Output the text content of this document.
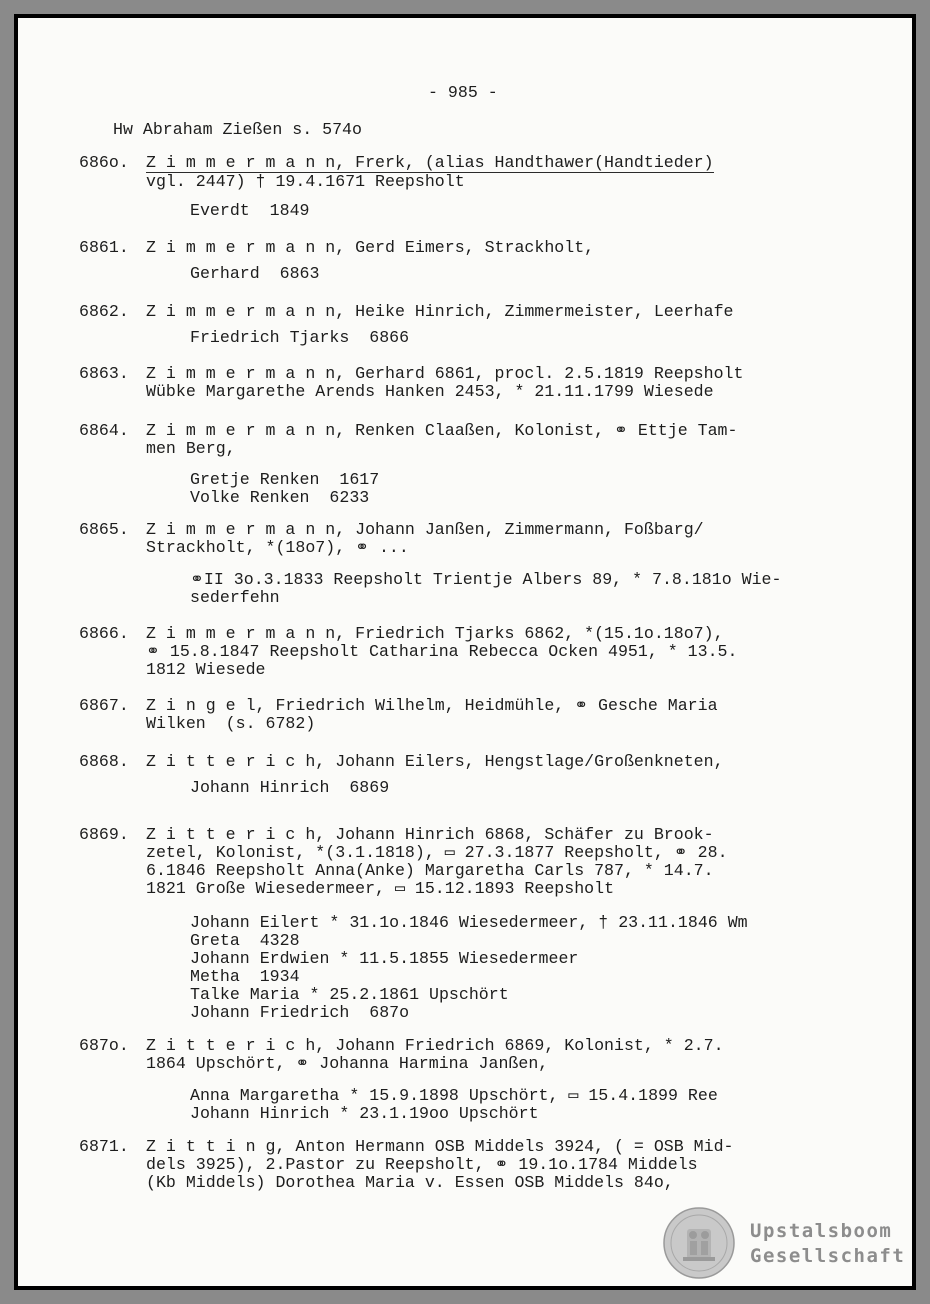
- 985 -
Hw Abraham Zießen s. 574o
686o.	Z i m m e r m a n n, Frerk, (alias Handthawer(Handtieder)
vgl. 2447) † 19.4.1671 Reepsholt
Everdt  1849
6861.	Z i m m e r m a n n, Gerd Eimers, Strackholt,
Gerhard  6863
6862.	Z i m m e r m a n n, Heike Hinrich, Zimmermeister, Leerhafe
Friedrich Tjarks  6866
6863.	Z i m m e r m a n n, Gerhard 6861, procl. 2.5.1819 Reepsholt
Wübke Margarethe Arends Hanken 2453, * 21.11.1799 Wiesede
6864.	Z i m m e r m a n n, Renken Claaßen, Kolonist, ⚭ Ettje Tam-
men Berg,
Gretje Renken  1617
Volke Renken  6233
6865.	Z i m m e r m a n n, Johann Janßen, Zimmermann, Foßbarg/
Strackholt, *(18o7), ⚭ ...
⚭II 3o.3.1833 Reepsholt Trientje Albers 89, * 7.8.181o Wie-
sederfehn
6866.	Z i m m e r m a n n, Friedrich Tjarks 6862, *(15.1o.18o7),
⚭ 15.8.1847 Reepsholt Catharina Rebecca Ocken 4951, * 13.5.
1812 Wiesede
6867.	Z i n g e l, Friedrich Wilhelm, Heidmühle, ⚭ Gesche Maria
Wilken  (s. 6782)
6868.	Z i t t e r i c h, Johann Eilers, Hengstlage/Großenkneten,
Johann Hinrich  6869
6869.	Z i t t e r i c h, Johann Hinrich 6868, Schäfer zu Brook-
zetel, Kolonist, *(3.1.1818), ▭ 27.3.1877 Reepsholt, ⚭ 28.
6.1846 Reepsholt Anna(Anke) Margaretha Carls 787, * 14.7.
1821 Große Wiesedermeer, ▭ 15.12.1893 Reepsholt
Johann Eilert * 31.1o.1846 Wiesedermeer, † 23.11.1846 Wm
Greta  4328
Johann Erdwien * 11.5.1855 Wiesedermeer
Metha  1934
Talke Maria * 25.2.1861 Upschört
Johann Friedrich  687o
687o.	Z i t t e r i c h, Johann Friedrich 6869, Kolonist, * 2.7.
1864 Upschört, ⚭ Johanna Harmina Janßen,
Anna Margaretha * 15.9.1898 Upschört, ▭ 15.4.1899 Ree
Johann Hinrich * 23.1.19oo Upschört
6871.	Z i t t i n g, Anton Hermann OSB Middels 3924, ( = OSB Mid-
dels 3925), 2.Pastor zu Reepsholt, ⚭ 19.1o.1784 Middels
(Kb Middels) Dorothea Maria v. Essen OSB Middels 84o,
Upstalsboom
Gesellschaft
